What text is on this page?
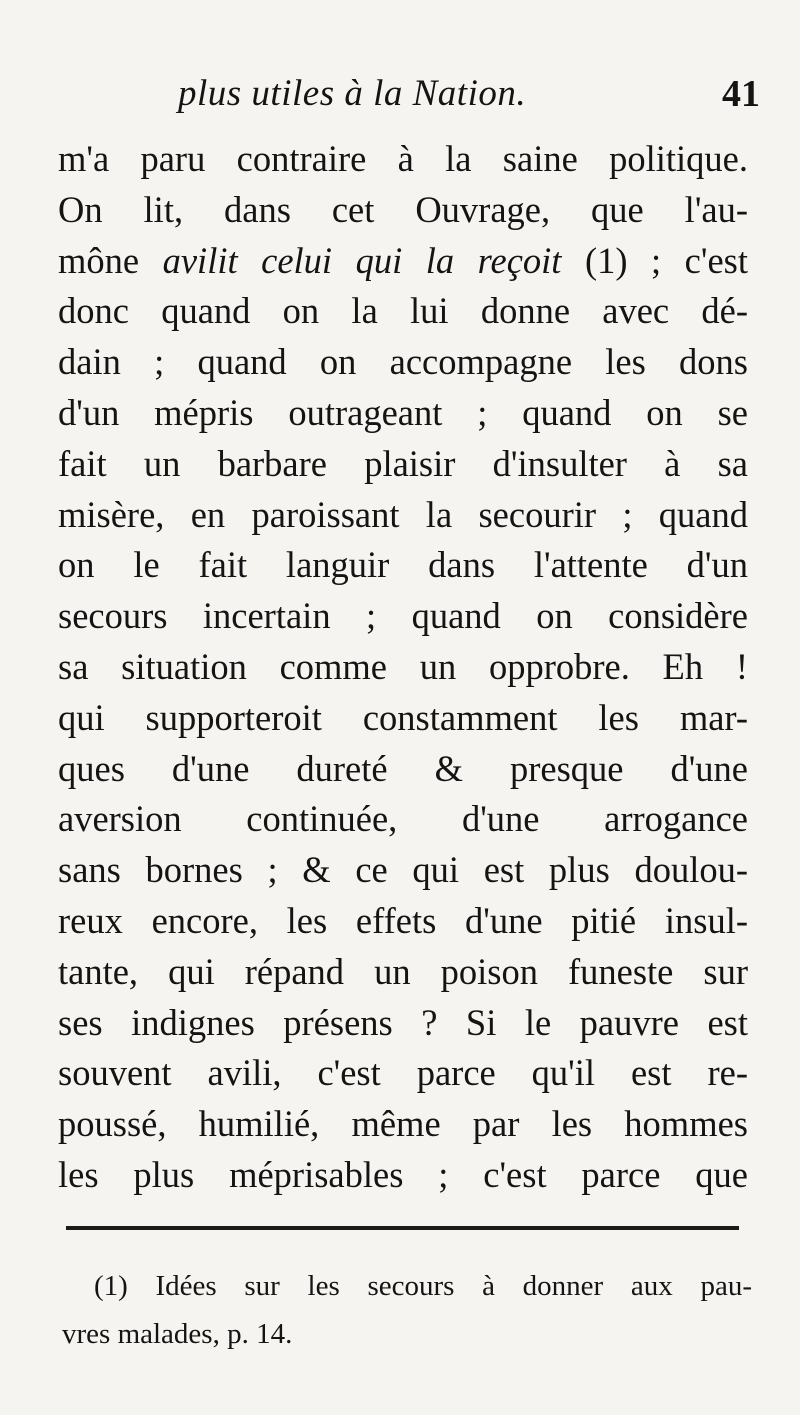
plus utiles à la Nation.	41
m'a paru contraire à la saine politique.
On lit, dans cet Ouvrage, que l'au-
mône avilit celui qui la reçoit (1) ; c'est
donc quand on la lui donne avec dé-
dain ; quand on accompagne les dons
d'un mépris outrageant ; quand on se
fait un barbare plaisir d'insulter à sa
misère, en paroissant la secourir ; quand
on le fait languir dans l'attente d'un
secours incertain ; quand on considère
sa situation comme un opprobre. Eh !
qui supporteroit constamment les mar-
ques d'une dureté & presque d'une
aversion continuée, d'une arrogance
sans bornes ; & ce qui est plus doulou-
reux encore, les effets d'une pitié insul-
tante, qui répand un poison funeste sur
ses indignes présens ? Si le pauvre est
souvent avili, c'est parce qu'il est re-
poussé, humilié, même par les hommes
les plus méprisables ; c'est parce que
(1) Idées sur les secours à donner aux pau-
vres malades, p. 14.
